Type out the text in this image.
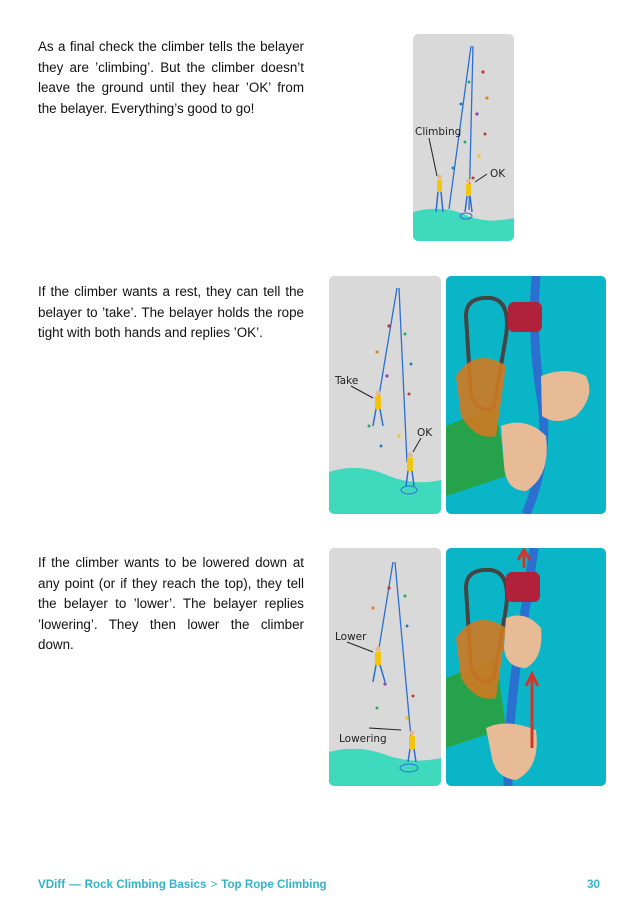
As a final check the climber tells the belayer they are ’climbing’. But the climber doesn’t leave the ground until they hear ’OK’ from the belayer. Everything’s good to go!

If the climber wants a rest, they can tell the belayer to ’take’. The belayer holds the rope tight with both hands and replies ’OK’.

If the climber wants to be lowered down at any point (or if they reach the top), they tell the belayer to ’lower’. The belayer replies ’lowering’. They then lower the climber down.

Climbing
OK
Take
OK
Lower
Lowering
VDiff — Rock Climbing Basics > Top Rope Climbing	30
